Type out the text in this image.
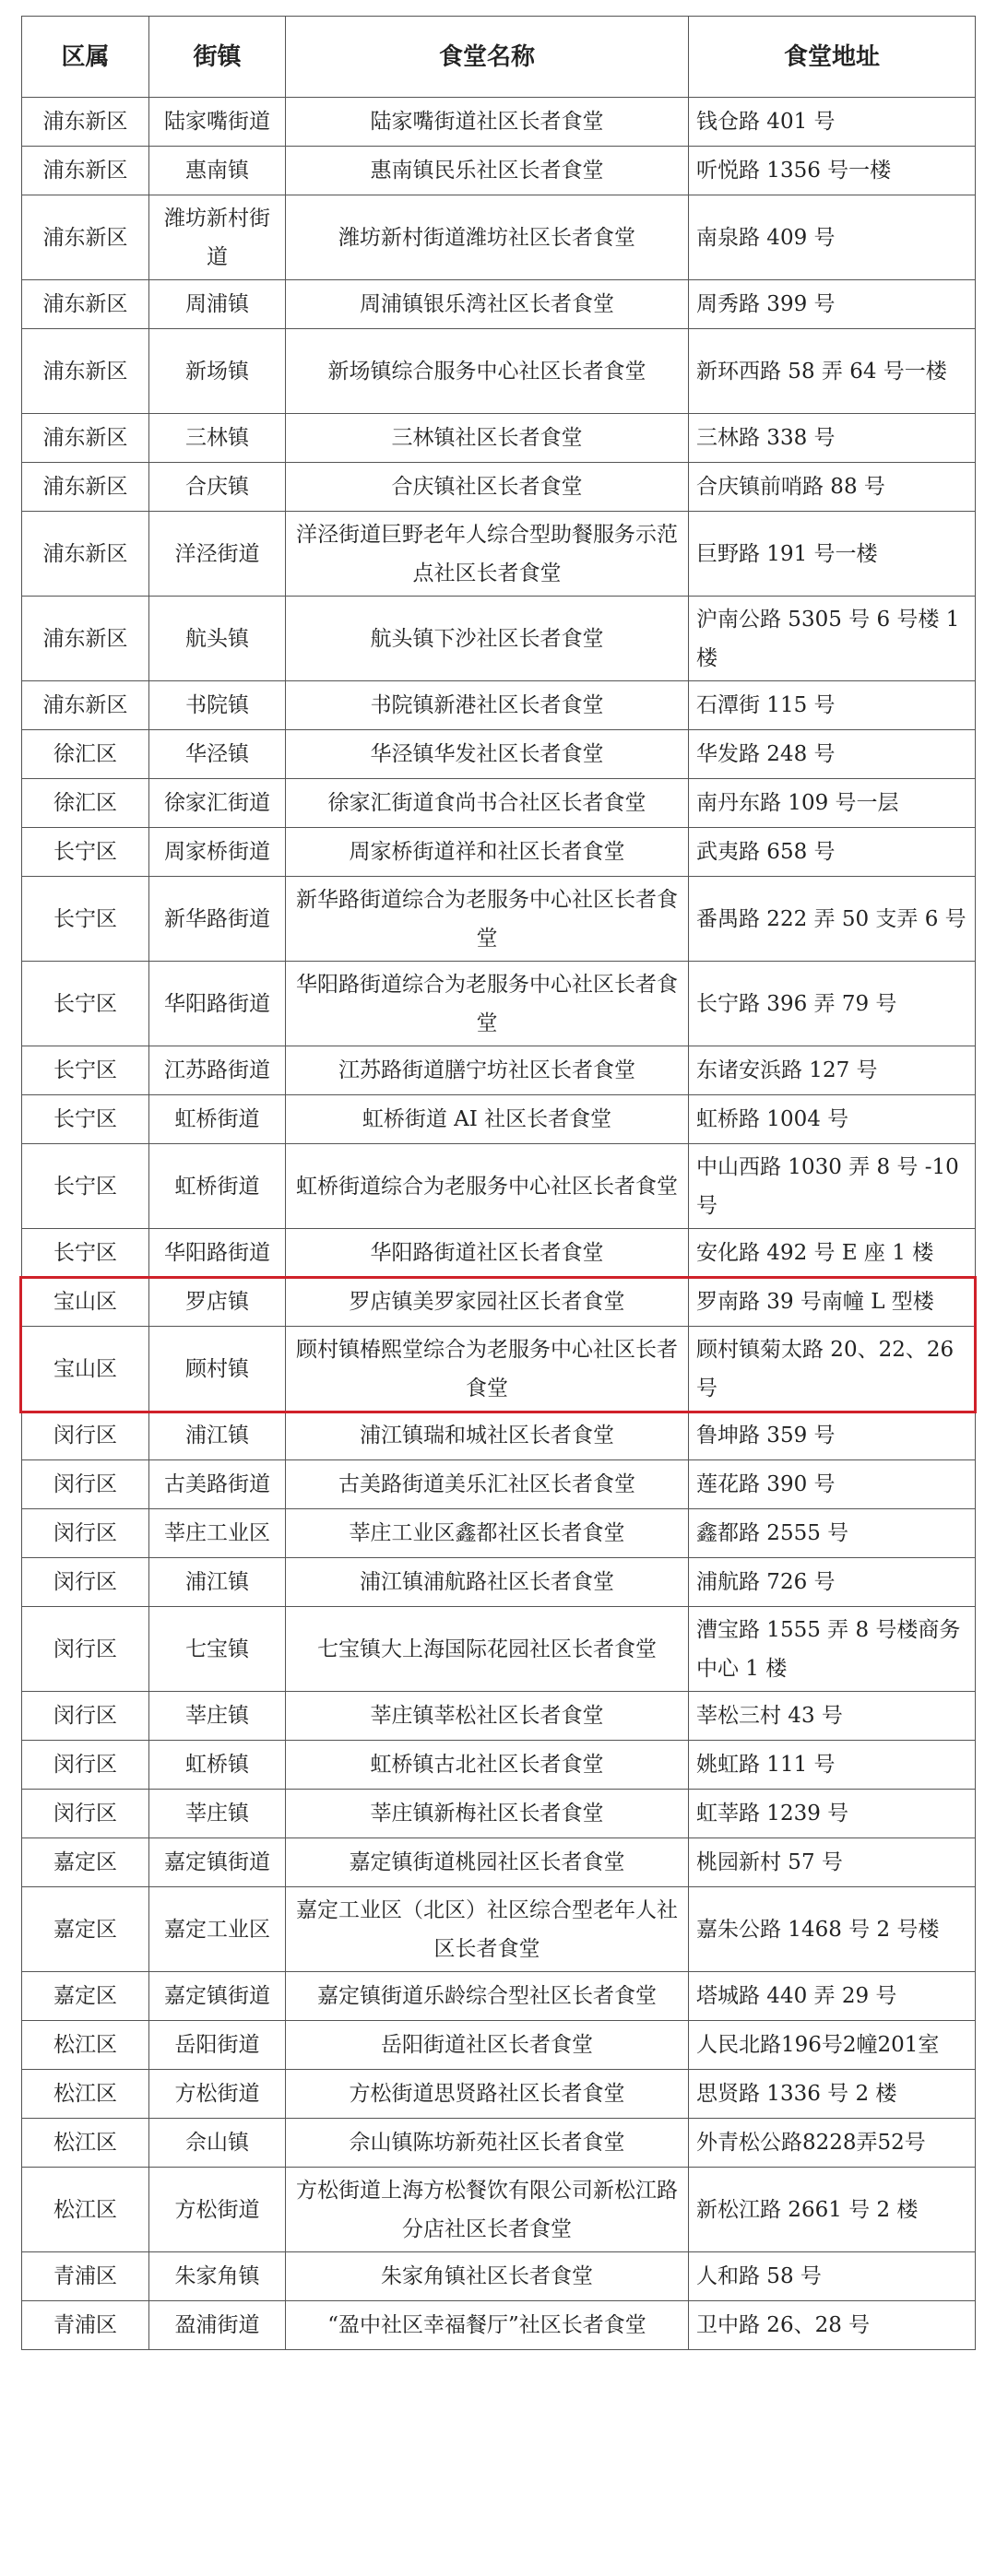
区属	街镇	食堂名称	食堂地址
浦东新区	陆家嘴街道	陆家嘴街道社区长者食堂	钱仓路 401 号
浦东新区	惠南镇	惠南镇民乐社区长者食堂	听悦路 1356 号一楼
浦东新区	潍坊新村街道	潍坊新村街道潍坊社区长者食堂	南泉路 409 号
浦东新区	周浦镇	周浦镇银乐湾社区长者食堂	周秀路 399 号
浦东新区	新场镇	新场镇综合服务中心社区长者食堂	新环西路 58 弄 64 号一楼
浦东新区	三林镇	三林镇社区长者食堂	三林路 338 号
浦东新区	合庆镇	合庆镇社区长者食堂	合庆镇前哨路 88 号
浦东新区	洋泾街道	洋泾街道巨野老年人综合型助餐服务示范点社区长者食堂	巨野路 191 号一楼
浦东新区	航头镇	航头镇下沙社区长者食堂	沪南公路 5305 号 6 号楼 1 楼
浦东新区	书院镇	书院镇新港社区长者食堂	石潭街 115 号
徐汇区	华泾镇	华泾镇华发社区长者食堂	华发路 248 号
徐汇区	徐家汇街道	徐家汇街道食尚书合社区长者食堂	南丹东路 109 号一层
长宁区	周家桥街道	周家桥街道祥和社区长者食堂	武夷路 658 号
长宁区	新华路街道	新华路街道综合为老服务中心社区长者食堂	番禺路 222 弄 50 支弄 6 号
长宁区	华阳路街道	华阳路街道综合为老服务中心社区长者食堂	长宁路 396 弄 79 号
长宁区	江苏路街道	江苏路街道膳宁坊社区长者食堂	东诸安浜路 127 号
长宁区	虹桥街道	虹桥街道 AI 社区长者食堂	虹桥路 1004 号
长宁区	虹桥街道	虹桥街道综合为老服务中心社区长者食堂	中山西路 1030 弄 8 号 -10 号
长宁区	华阳路街道	华阳路街道社区长者食堂	安化路 492 号 E 座 1 楼
宝山区	罗店镇	罗店镇美罗家园社区长者食堂	罗南路 39 号南幢 L 型楼
宝山区	顾村镇	顾村镇椿熙堂综合为老服务中心社区长者食堂	顾村镇菊太路 20、22、26 号
闵行区	浦江镇	浦江镇瑞和城社区长者食堂	鲁坤路 359 号
闵行区	古美路街道	古美路街道美乐汇社区长者食堂	莲花路 390 号
闵行区	莘庄工业区	莘庄工业区鑫都社区长者食堂	鑫都路 2555 号
闵行区	浦江镇	浦江镇浦航路社区长者食堂	浦航路 726 号
闵行区	七宝镇	七宝镇大上海国际花园社区长者食堂	漕宝路 1555 弄 8 号楼商务中心 1 楼
闵行区	莘庄镇	莘庄镇莘松社区长者食堂	莘松三村 43 号
闵行区	虹桥镇	虹桥镇古北社区长者食堂	姚虹路 111 号
闵行区	莘庄镇	莘庄镇新梅社区长者食堂	虹莘路 1239 号
嘉定区	嘉定镇街道	嘉定镇街道桃园社区长者食堂	桃园新村 57 号
嘉定区	嘉定工业区	嘉定工业区（北区）社区综合型老年人社区长者食堂	嘉朱公路 1468 号 2 号楼
嘉定区	嘉定镇街道	嘉定镇街道乐龄综合型社区长者食堂	塔城路 440 弄 29 号
松江区	岳阳街道	岳阳街道社区长者食堂	人民北路196号2幢201室
松江区	方松街道	方松街道思贤路社区长者食堂	思贤路 1336 号 2 楼
松江区	佘山镇	佘山镇陈坊新苑社区长者食堂	外青松公路8228弄52号
松江区	方松街道	方松街道上海方松餐饮有限公司新松江路分店社区长者食堂	新松江路 2661 号 2 楼
青浦区	朱家角镇	朱家角镇社区长者食堂	人和路 58 号
青浦区	盈浦街道	“盈中社区幸福餐厅”社区长者食堂	卫中路 26、28 号
